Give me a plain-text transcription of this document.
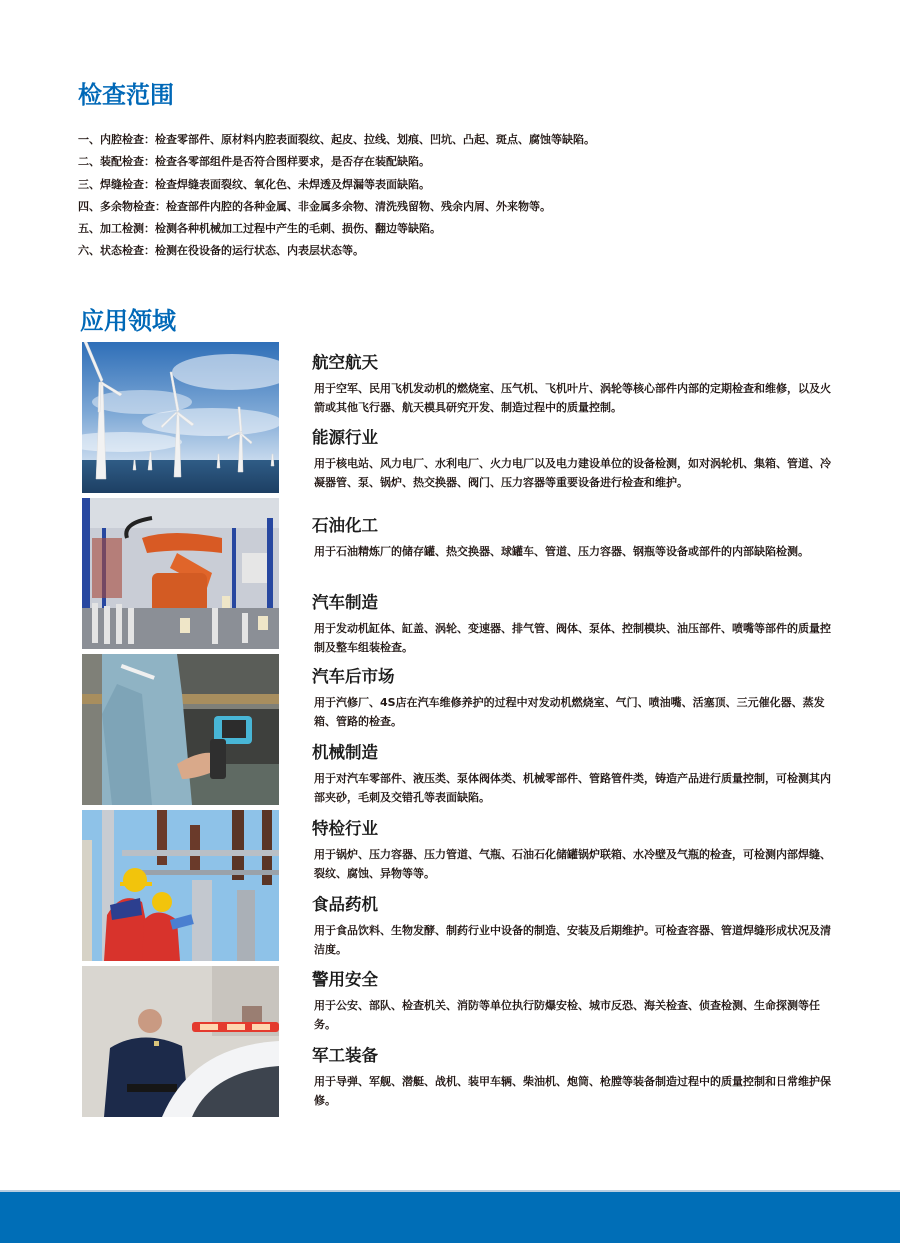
检查范围
一、内腔检查：检查零部件、原材料内腔表面裂纹、起皮、拉线、划痕、凹坑、凸起、斑点、腐蚀等缺陷。
二、装配检查：检查各零部组件是否符合图样要求，是否存在装配缺陷。
三、焊缝检查：检查焊缝表面裂纹、氧化色、未焊透及焊漏等表面缺陷。
四、多余物检查：检查部件内腔的各种金属、非金属多余物、清洗残留物、残余内屑、外来物等。
五、加工检测：检测各种机械加工过程中产生的毛刺、损伤、翻边等缺陷。
六、状态检查：检测在役设备的运行状态、内表层状态等。
应用领域
航空航天
用于空军、民用飞机发动机的燃烧室、压气机、飞机叶片、涡轮等核心部件内部的定期检查和维修，以及火箭或其他飞行器、航天模具研究开发、制造过程中的质量控制。
能源行业
用于核电站、风力电厂、水利电厂、火力电厂以及电力建设单位的设备检测，如对涡轮机、集箱、管道、冷凝器管、泵、锅炉、热交换器、阀门、压力容器等重要设备进行检查和维护。
石油化工
用于石油精炼厂的储存罐、热交换器、球罐车、管道、压力容器、钢瓶等设备或部件的内部缺陷检测。
汽车制造
用于发动机缸体、缸盖、涡轮、变速器、排气管、阀体、泵体、控制模块、油压部件、喷嘴等部件的质量控制及整车组装检查。
汽车后市场
用于汽修厂、4S店在汽车维修养护的过程中对发动机燃烧室、气门、喷油嘴、活塞顶、三元催化器、蒸发箱、管路的检查。
机械制造
用于对汽车零部件、液压类、泵体阀体类、机械零部件、管路管件类，铸造产品进行质量控制，可检测其内部夹砂，毛刺及交错孔等表面缺陷。
特检行业
用于锅炉、压力容器、压力管道、气瓶、石油石化储罐锅炉联箱、水冷壁及气瓶的检查，可检测内部焊缝、裂纹、腐蚀、异物等等。
食品药机
用于食品饮料、生物发酵、制药行业中设备的制造、安装及后期维护。可检查容器、管道焊缝形成状况及清洁度。
警用安全
用于公安、部队、检查机关、消防等单位执行防爆安检、城市反恐、海关检查、侦查检测、生命探测等任务。
军工装备
用于导弹、军舰、潜艇、战机、装甲车辆、柴油机、炮筒、枪膛等装备制造过程中的质量控制和日常维护保修。
